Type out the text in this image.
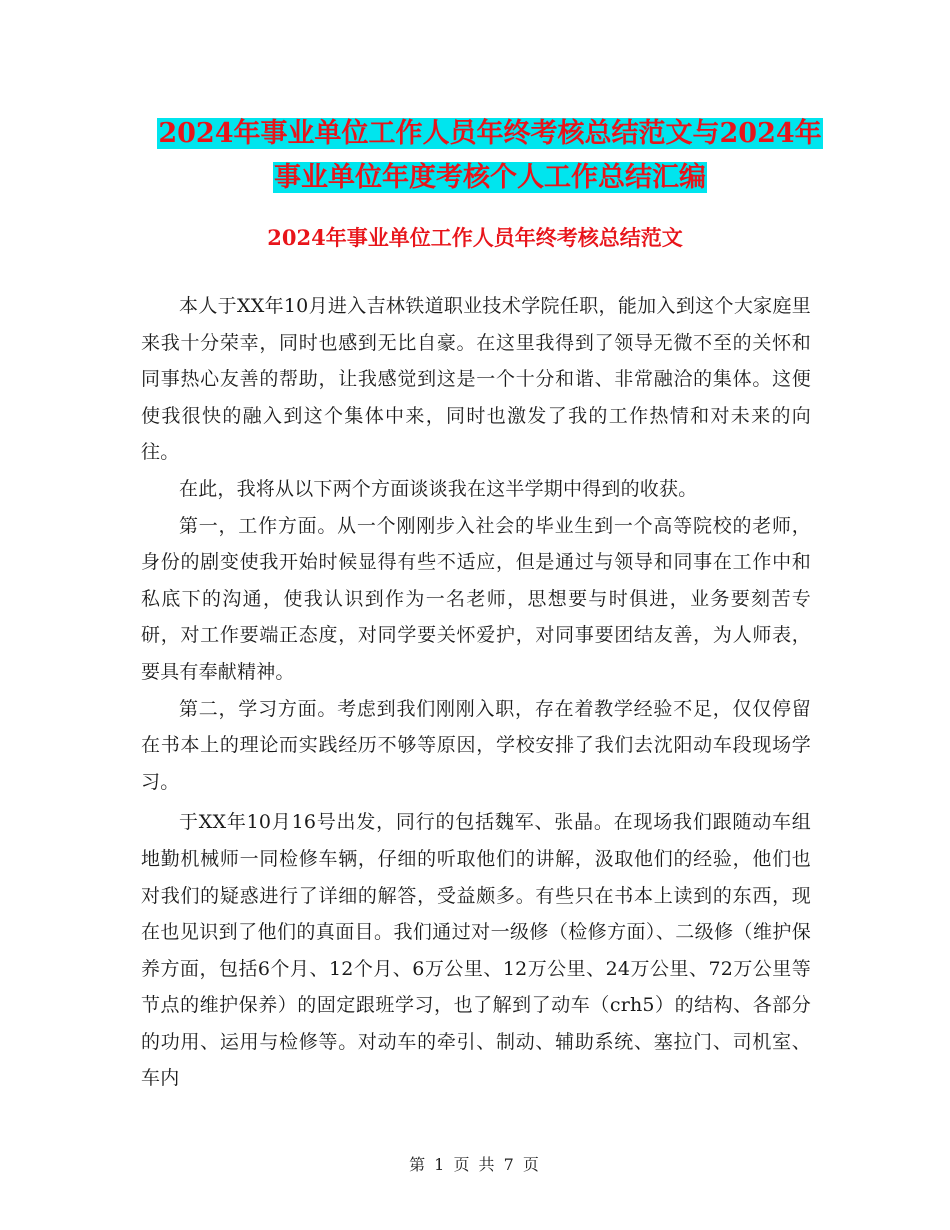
2024年事业单位工作人员年终考核总结范文与2024年
事业单位年度考核个人工作总结汇编
2024年事业单位工作人员年终考核总结范文

本人于XX年10月进入吉林铁道职业技术学院任职，能加入到这个大家庭里来我十分荣幸，同时也感到无比自豪。在这里我得到了领导无微不至的关怀和同事热心友善的帮助，让我感觉到这是一个十分和谐、非常融洽的集体。这便使我很快的融入到这个集体中来，同时也激发了我的工作热情和对未来的向往。

在此，我将从以下两个方面谈谈我在这半学期中得到的收获。

第一，工作方面。从一个刚刚步入社会的毕业生到一个高等院校的老师，身份的剧变使我开始时候显得有些不适应，但是通过与领导和同事在工作中和私底下的沟通，使我认识到作为一名老师，思想要与时俱进，业务要刻苦专研，对工作要端正态度，对同学要关怀爱护，对同事要团结友善，为人师表，要具有奉献精神。

第二，学习方面。考虑到我们刚刚入职，存在着教学经验不足，仅仅停留在书本上的理论而实践经历不够等原因，学校安排了我们去沈阳动车段现场学习。

于XX年10月16号出发，同行的包括魏军、张晶。在现场我们跟随动车组地勤机械师一同检修车辆，仔细的听取他们的讲解，汲取他们的经验，他们也对我们的疑惑进行了详细的解答，受益颇多。有些只在书本上读到的东西，现在也见识到了他们的真面目。我们通过对一级修（检修方面）、二级修（维护保养方面，包括6个月、12个月、6万公里、12万公里、24万公里、72万公里等节点的维护保养）的固定跟班学习，也了解到了动车（crh5）的结构、各部分的功用、运用与检修等。对动车的牵引、制动、辅助系统、塞拉门、司机室、车内

第 1 页 共 7 页
